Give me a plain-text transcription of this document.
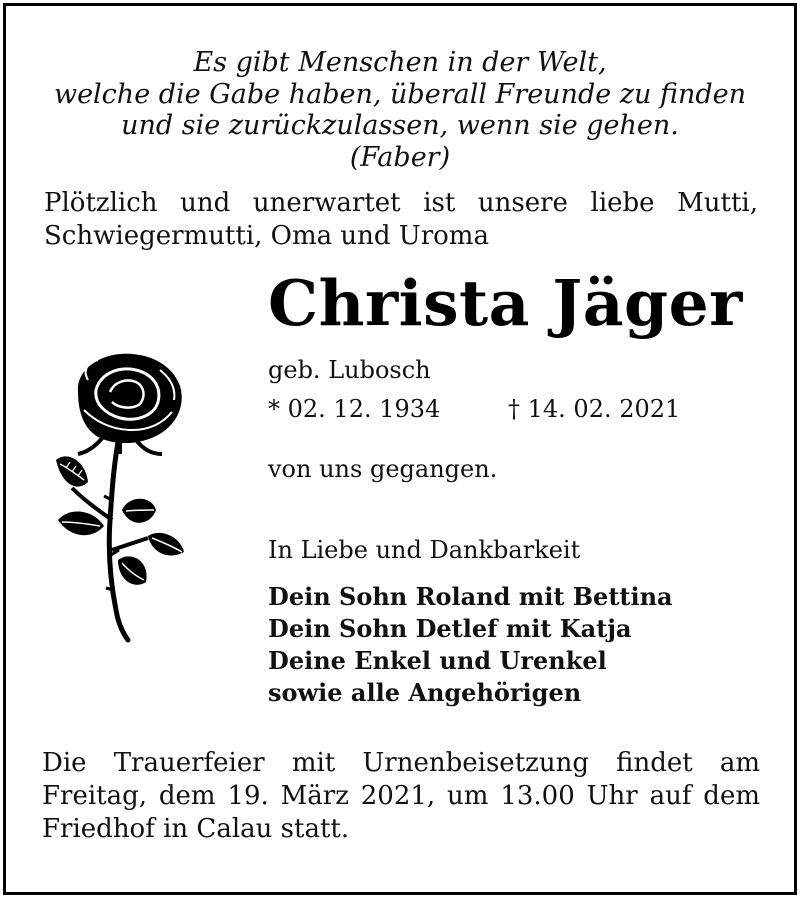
Es gibt Menschen in der Welt,
welche die Gabe haben, überall Freunde zu finden
und sie zurückzulassen, wenn sie gehen.
(Faber)
Plötzlich und unerwartet ist unsere liebe Mutti,
Schwiegermutti, Oma und Uroma
Christa Jäger
geb. Lubosch
* 02. 12. 1934	† 14. 02. 2021
von uns gegangen.
In Liebe und Dankbarkeit
Dein Sohn Roland mit Bettina
Dein Sohn Detlef mit Katja
Deine Enkel und Urenkel
sowie alle Angehörigen
Die Trauerfeier mit Urnenbeisetzung findet am
Freitag, dem 19. März 2021, um 13.00 Uhr auf dem
Friedhof in Calau statt.
